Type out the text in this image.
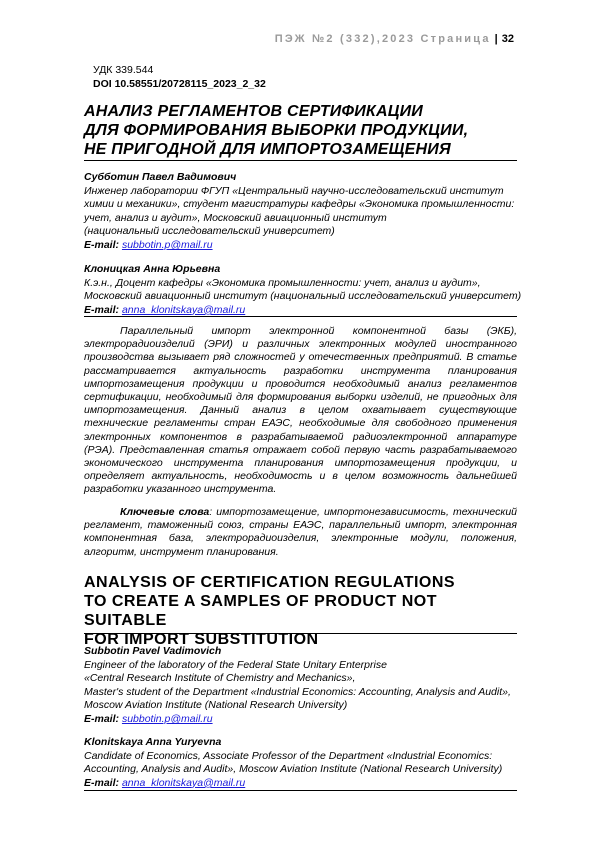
ПЭЖ №2 (332),2023 Страница | 32
УДК 339.544
DOI 10.58551/20728115_2023_2_32
АНАЛИЗ РЕГЛАМЕНТОВ СЕРТИФИКАЦИИ
ДЛЯ ФОРМИРОВАНИЯ ВЫБОРКИ ПРОДУКЦИИ,
НЕ ПРИГОДНОЙ ДЛЯ ИМПОРТОЗАМЕЩЕНИЯ
Субботин Павел Вадимович
Инженер лаборатории ФГУП «Центральный научно-исследовательский институт
химии и механики», студент магистратуры кафедры «Экономика промышленности:
учет, анализ и аудит», Московский авиационный институт
(национальный исследовательский университет)
E-mail: subbotin.p@mail.ru
Клоницкая Анна Юрьевна
К.э.н., Доцент кафедры «Экономика промышленности: учет, анализ и аудит»,
Московский авиационный институт (национальный исследовательский университет)
E-mail: anna_klonitskaya@mail.ru

Параллельный импорт электронной компонентной базы (ЭКБ), электрорадиоизделий (ЭРИ) и различных электронных модулей иностранного производства вызывает ряд сложностей у отечественных предприятий. В статье рассматривается актуальность разработки инструмента планирования импортозамещения продукции и проводится необходимый анализ регламентов сертификации, необходимый для формирования выборки изделий, не пригодных для импортозамещения. Данный анализ в целом охватывает существующие технические регламенты стран ЕАЭС, необходимые для свободного применения электронных компонентов в разрабатываемой радиоэлектронной аппаратуре (РЭА). Представленная статья отражает собой первую часть разрабатываемого экономического инструмента планирования импортозамещения продукции, и определяет актуальность, необходимость и в целом возможность дальнейшей разработки указанного инструмента.

Ключевые слова: импортозамещение, импортонезависимость, технический регламент, таможенный союз, страны ЕАЭС, параллельный импорт, электронная компонентная база, электрорадиоизделия, электронные модули, положения, алгоритм, инструмент планирования.

ANALYSIS OF CERTIFICATION REGULATIONS
TO CREATE A SAMPLES OF PRODUCT NOT SUITABLE
FOR IMPORT SUBSTITUTION
Subbotin Pavel Vadimovich
Engineer of the laboratory of the Federal State Unitary Enterprise
«Central Research Institute of Chemistry and Mechanics»,
Master's student of the Department «Industrial Economics: Accounting, Analysis and Audit»,
Moscow Aviation Institute (National Research University)
E-mail: subbotin.p@mail.ru
Klonitskaya Anna Yuryevna
Candidate of Economics, Associate Professor of the Department «Industrial Economics:
Accounting, Analysis and Audit», Moscow Aviation Institute (National Research University)
E-mail: anna_klonitskaya@mail.ru
